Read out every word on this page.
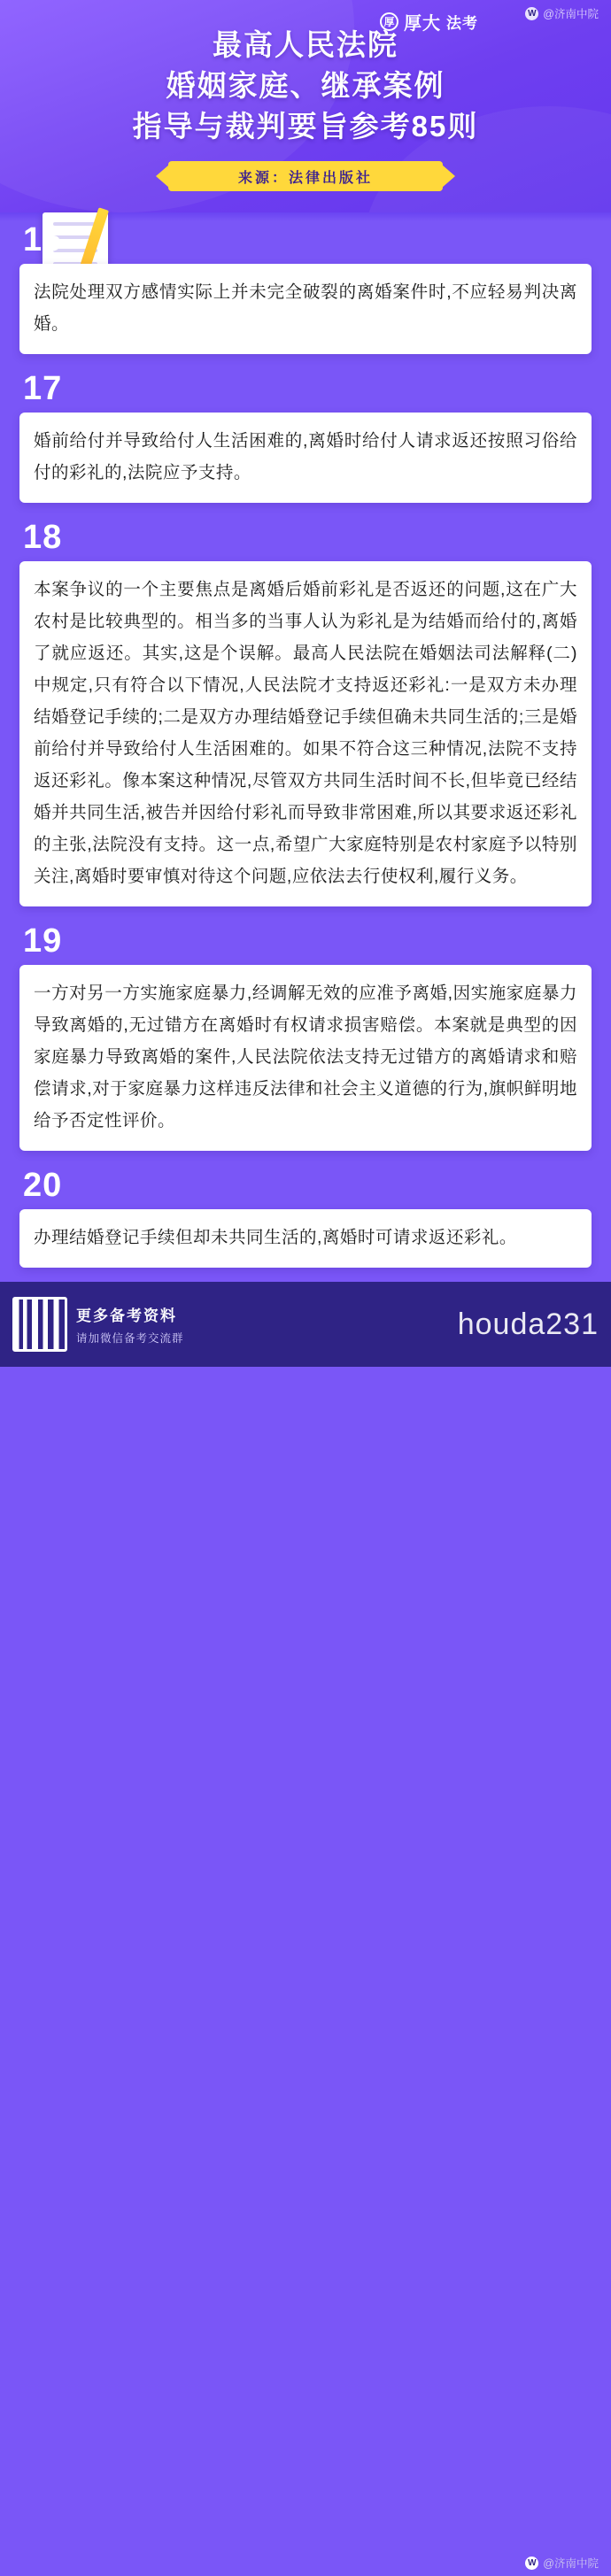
厚 厚大 法考
W @济南中院
最高人民法院
婚姻家庭、继承案例
指导与裁判要旨参考85则
来源：法律出版社
16

法院处理双方感情实际上并未完全破裂的离婚案件时,不应轻易判决离婚。

17

婚前给付并导致给付人生活困难的,离婚时给付人请求返还按照习俗给付的彩礼的,法院应予支持。

18

本案争议的一个主要焦点是离婚后婚前彩礼是否返还的问题,这在广大农村是比较典型的。相当多的当事人认为彩礼是为结婚而给付的,离婚了就应返还。其实,这是个误解。最高人民法院在婚姻法司法解释(二)中规定,只有符合以下情况,人民法院才支持返还彩礼:一是双方未办理结婚登记手续的;二是双方办理结婚登记手续但确未共同生活的;三是婚前给付并导致给付人生活困难的。如果不符合这三种情况,法院不支持返还彩礼。像本案这种情况,尽管双方共同生活时间不长,但毕竟已经结婚并共同生活,被告并因给付彩礼而导致非常困难,所以其要求返还彩礼的主张,法院没有支持。这一点,希望广大家庭特别是农村家庭予以特别关注,离婚时要审慎对待这个问题,应依法去行使权利,履行义务。

19

一方对另一方实施家庭暴力,经调解无效的应准予离婚,因实施家庭暴力导致离婚的,无过错方在离婚时有权请求损害赔偿。本案就是典型的因家庭暴力导致离婚的案件,人民法院依法支持无过错方的离婚请求和赔偿请求,对于家庭暴力这样违反法律和社会主义道德的行为,旗帜鲜明地给予否定性评价。

20

办理结婚登记手续但却未共同生活的,离婚时可请求返还彩礼。

更多备考资料
请加微信备考交流群	houda231
W @济南中院
